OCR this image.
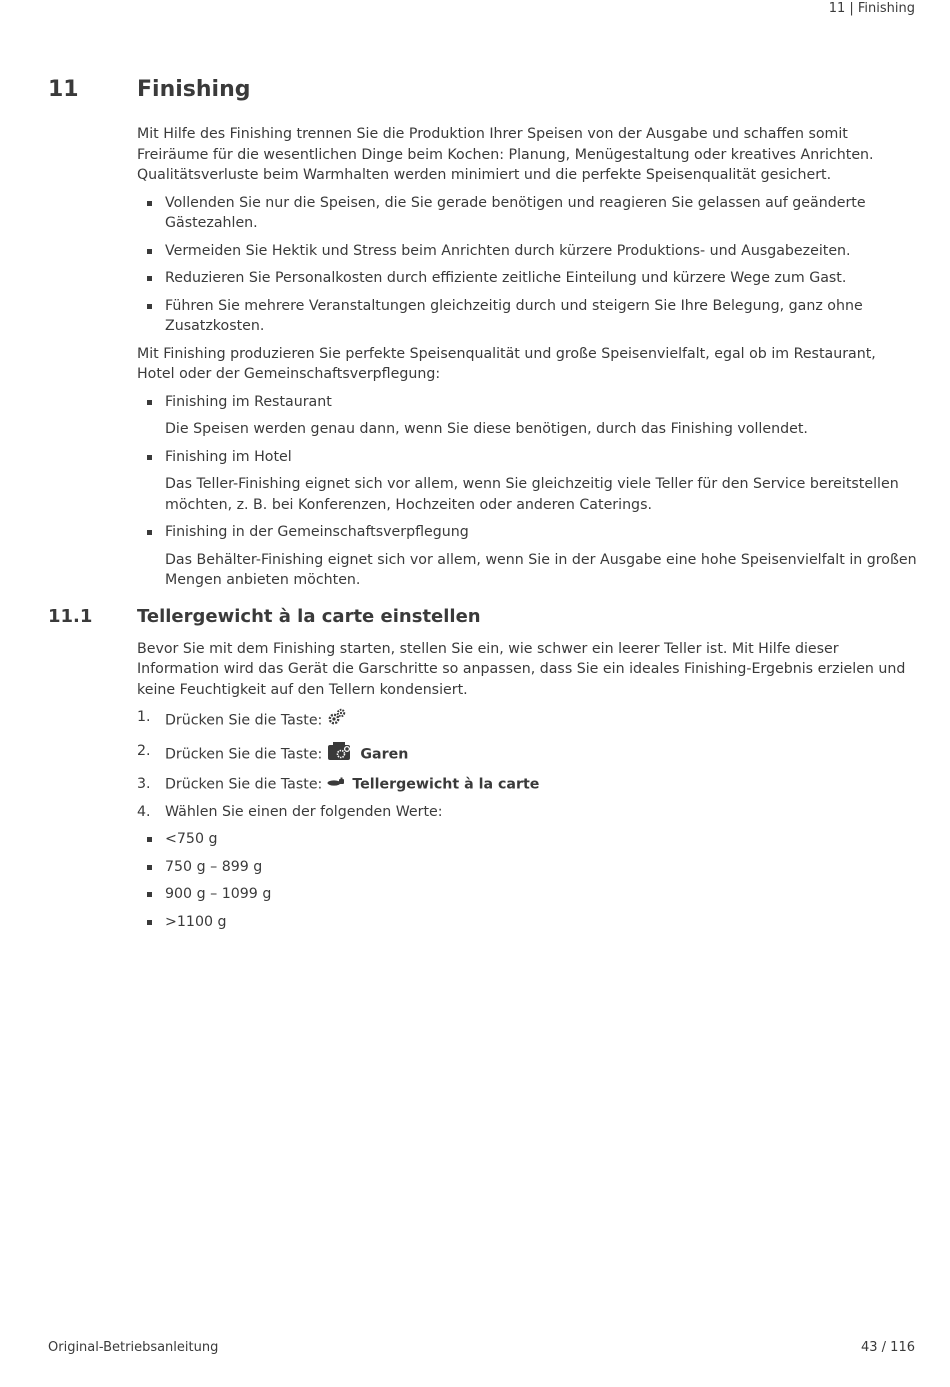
11 | Finishing
11	Finishing

Mit Hilfe des Finishing trennen Sie die Produktion Ihrer Speisen von der Ausgabe und schaffen somit Freiräume für die wesentlichen Dinge beim Kochen: Planung, Menügestaltung oder kreatives Anrichten. Qualitätsverluste beim Warmhalten werden minimiert und die perfekte Speisenqualität gesichert.

Vollenden Sie nur die Speisen, die Sie gerade benötigen und reagieren Sie gelassen auf geänderte Gästezahlen.
Vermeiden Sie Hektik und Stress beim Anrichten durch kürzere Produktions- und Ausgabezeiten.
Reduzieren Sie Personalkosten durch effiziente zeitliche Einteilung und kürzere Wege zum Gast.
Führen Sie mehrere Veranstaltungen gleichzeitig durch und steigern Sie Ihre Belegung, ganz ohne Zusatzkosten.

Mit Finishing produzieren Sie perfekte Speisenqualität und große Speisenvielfalt, egal ob im Restaurant, Hotel oder der Gemeinschaftsverpflegung:

Finishing im Restaurant

Die Speisen werden genau dann, wenn Sie diese benötigen, durch das Finishing vollendet.

Finishing im Hotel

Das Teller-Finishing eignet sich vor allem, wenn Sie gleichzeitig viele Teller für den Service bereitstellen möchten, z. B. bei Konferenzen, Hochzeiten oder anderen Caterings.

Finishing in der Gemeinschaftsverpflegung

Das Behälter-Finishing eignet sich vor allem, wenn Sie in der Ausgabe eine hohe Speisenvielfalt in großen Mengen anbieten möchten.

11.1 Tellergewicht à la carte einstellen

Bevor Sie mit dem Finishing starten, stellen Sie ein, wie schwer ein leerer Teller ist. Mit Hilfe dieser Information wird das Gerät die Garschritte so anpassen, dass Sie ein ideales Finishing-Ergebnis erzielen und keine Feuchtigkeit auf den Tellern kondensiert.

1. Drücken Sie die Taste:
2. Drücken Sie die Taste:	Garen
3. Drücken Sie die Taste: Tellergewicht à la carte
4. Wählen Sie einen der folgenden Werte:
<750 g
750 g – 899 g
900 g – 1099 g
>1100 g
Original-Betriebsanleitung	43 / 116
